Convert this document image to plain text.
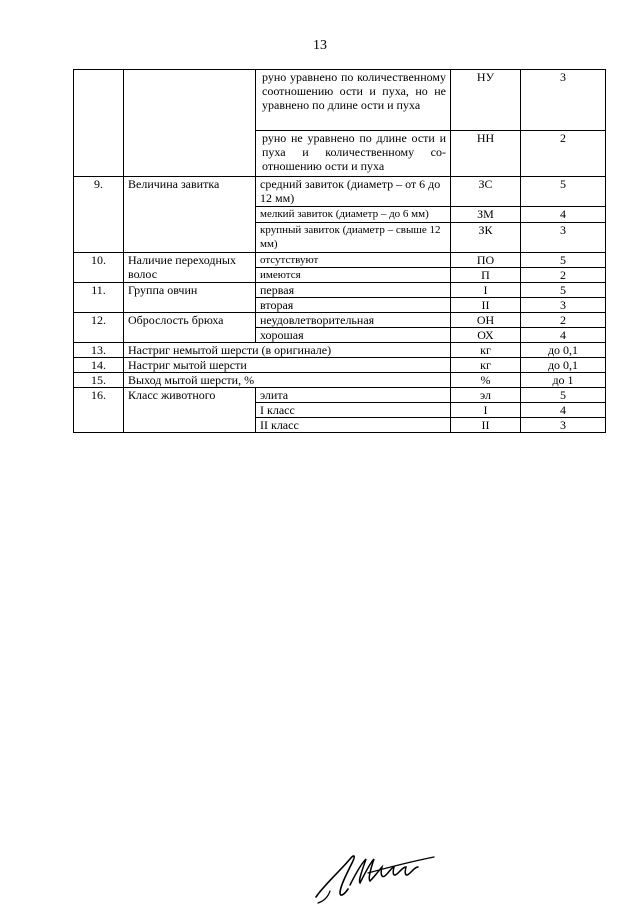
13
		руно уравнено по количественному соотношению ости и пуха, но не уравнено по длине ости и пуха	НУ	3
		руно не уравнено по длине ости и пуха и количественному соотношению ости и пуха	НН	2
9.	Величина завитка	средний завиток (диаметр – от 6 до 12 мм)	ЗС	5
		мелкий завиток (диаметр – до 6 мм)	ЗМ	4
		крупный завиток (диаметр – свыше 12 мм)	ЗК	3
10.	Наличие переходных волос	отсутствуют	ПО	5
		имеются	П	2
11.	Группа овчин	первая	I	5
		вторая	II	3
12.	Оброслость брюха	неудовлетворительная	ОН	2
		хорошая	ОХ	4
13.	Настриг немытой шерсти (в оригинале)		кг	до 0,1
14.	Настриг мытой шерсти		кг	до 0,1
15.	Выход мытой шерсти, %		%	до 1
16.	Класс животного	элита	эл	5
		I класс	I	4
		II класс	II	3
